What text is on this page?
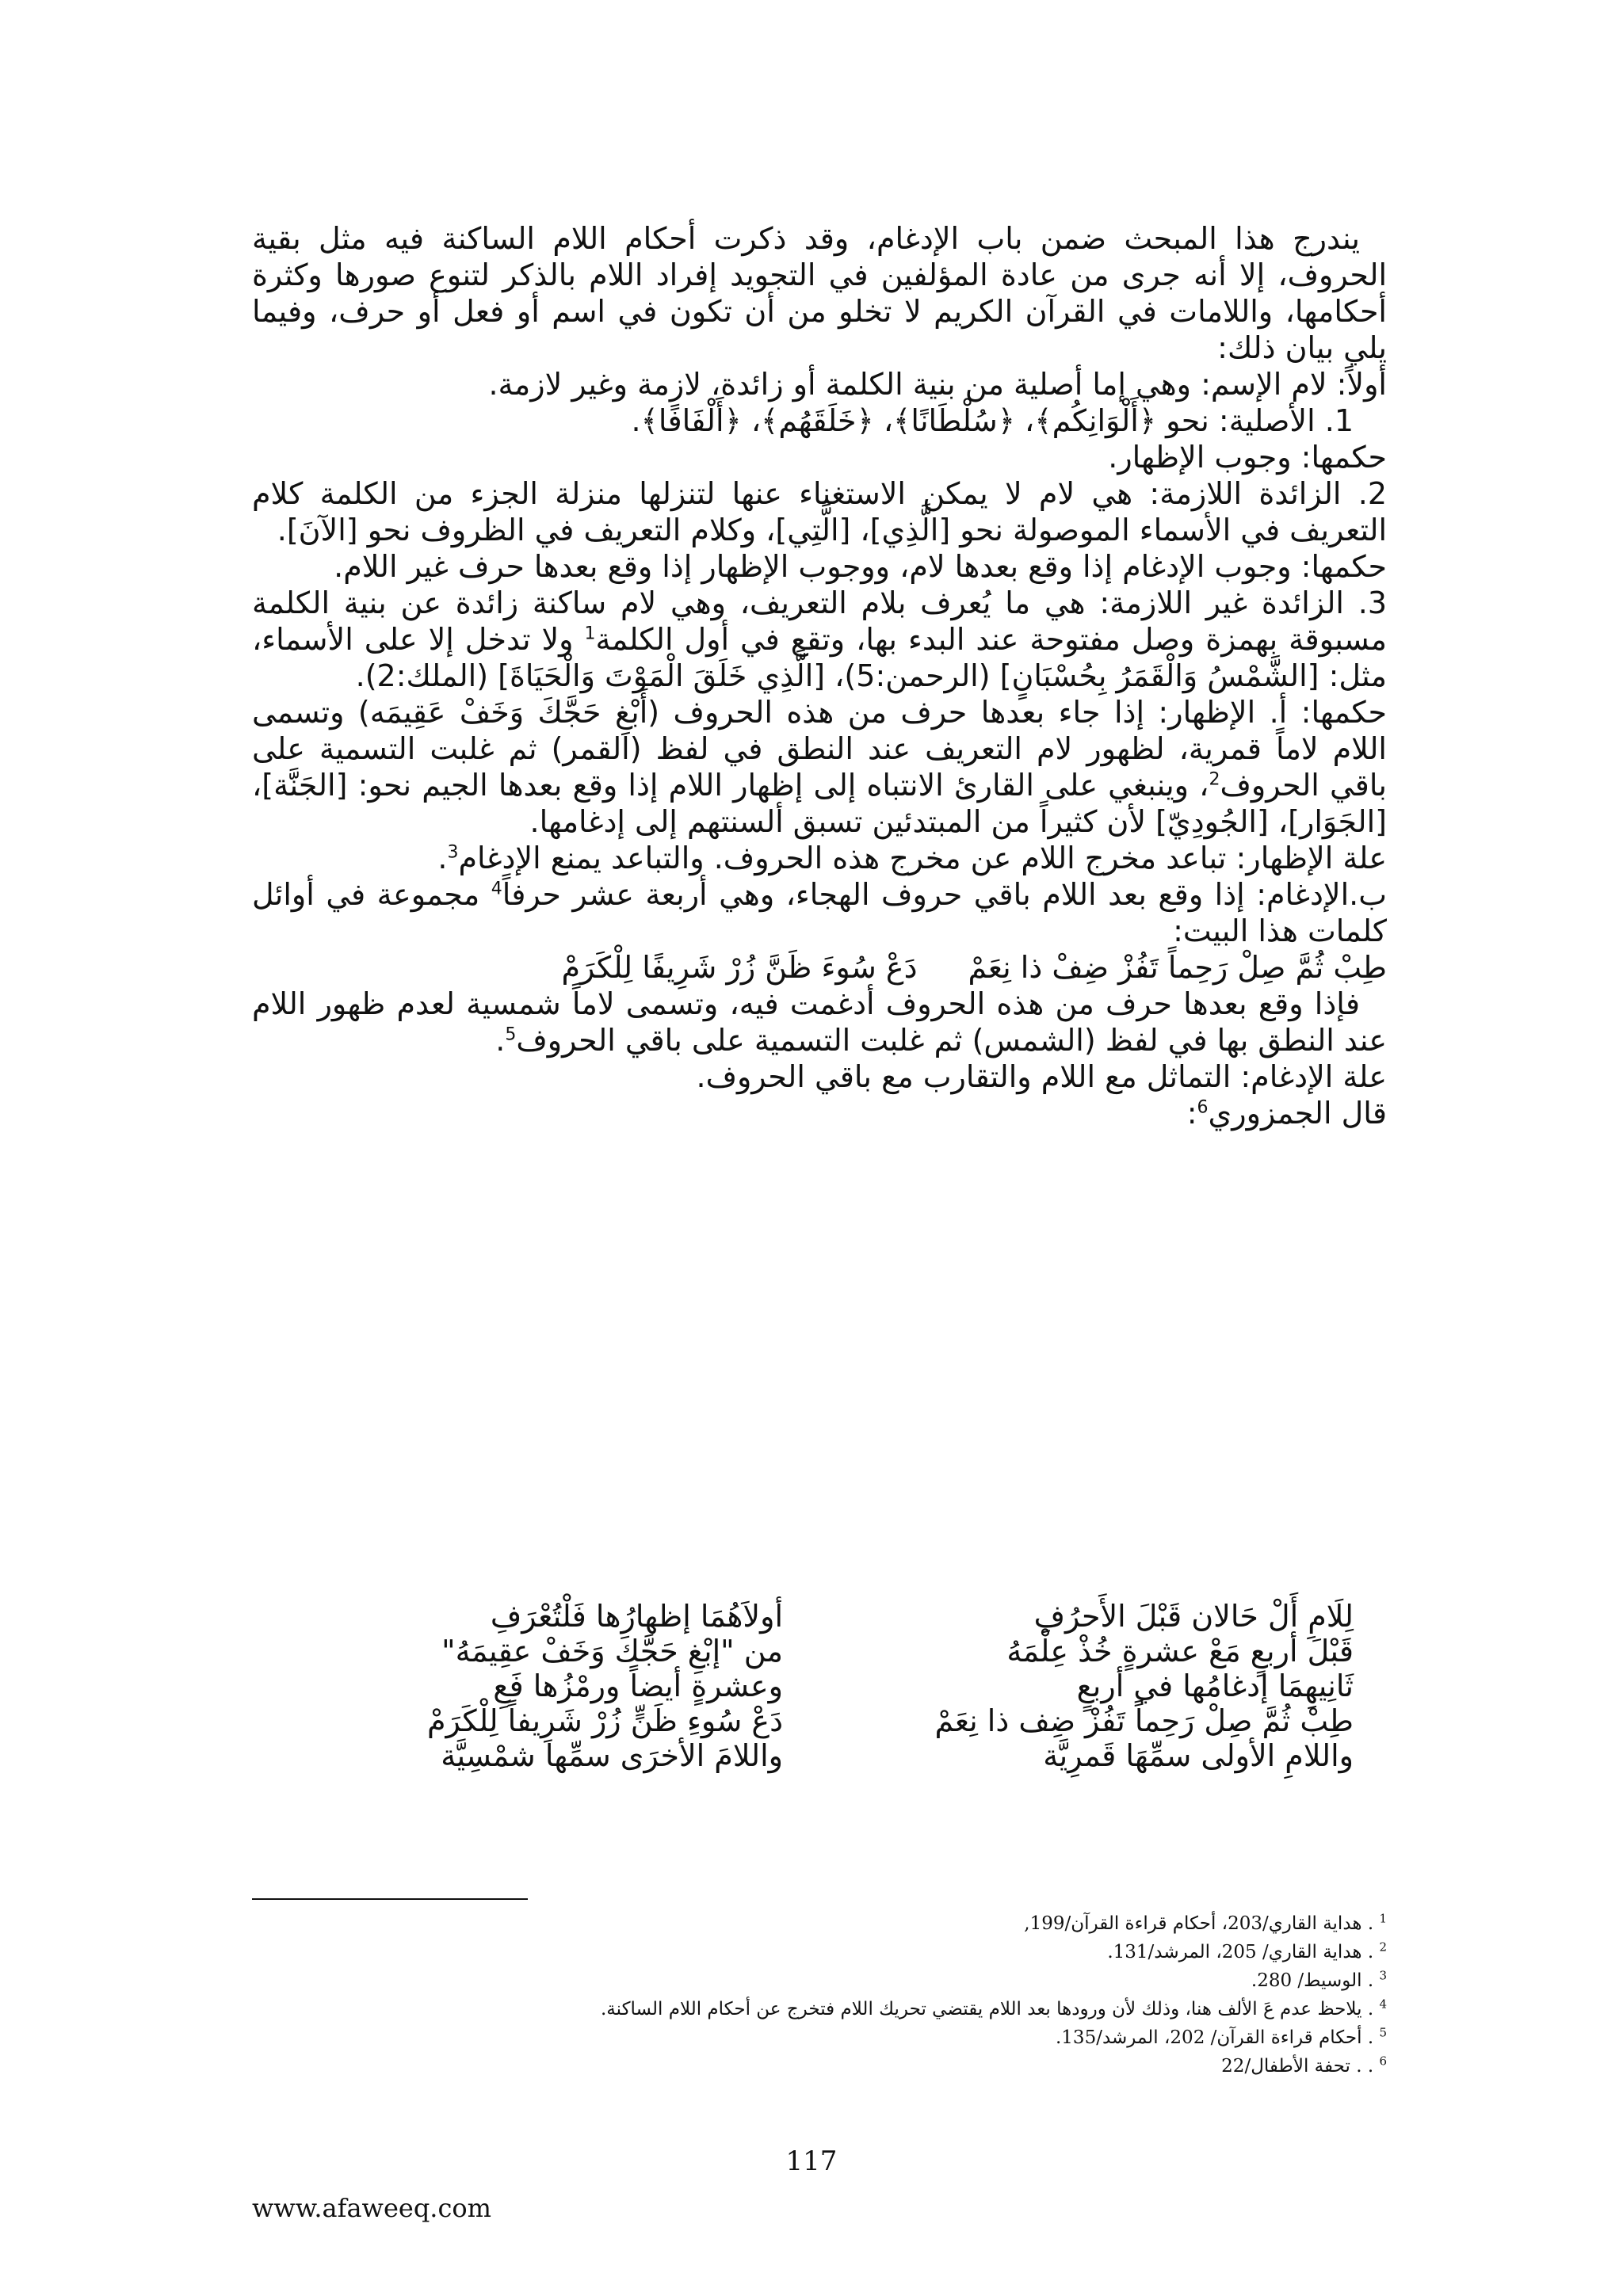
يندرج هذا المبحث ضمن باب الإدغام، وقد ذكرت أحكام اللام الساكنة فيه مثل بقية الحروف، إلا أنه جرى من عادة المؤلفين في التجويد إفراد اللام بالذكر لتنوع صورها وكثرة أحكامها، واللامات في القرآن الكريم لا تخلو من أن تكون في اسم أو فعل أو حرف، وفيما يلي بيان ذلك:

أولاً: لام الإسم: وهي إما أصلية من بنية الكلمة أو زائدة، لازمة وغير لازمة.

1. الأصلية: نحو ﴿أَلْوَانِكُم﴾، ﴿سُلْطَانًا﴾، ﴿خَلَقَهُم﴾، ﴿أَلْفَافًا﴾.

حكمها: وجوب الإظهار.

2. الزائدة اللازمة: هي لام لا يمكن الاستغناء عنها لتنزلها منزلة الجزء من الكلمة كلام التعريف في الأسماء الموصولة نحو [الَّذِي]، [الَّتِي]، وكلام التعريف في الظروف نحو [الآنَ].

حكمها: وجوب الإدغام إذا وقع بعدها لام، ووجوب الإظهار إذا وقع بعدها حرف غير اللام.

3. الزائدة غير اللازمة: هي ما يُعرف بلام التعريف، وهي لام ساكنة زائدة عن بنية الكلمة مسبوقة بهمزة وصل مفتوحة عند البدء بها، وتقع في أول الكلمة$^1$ ولا تدخل إلا على الأسماء، مثل: [الشَّمْسُ وَالْقَمَرُ بِحُسْبَانٍ] (الرحمن:5)، [الَّذِي خَلَقَ الْمَوْتَ وَالْحَيَاةَ] (الملك:2).

حكمها: أ. الإظهار: إذا جاء بعدها حرف من هذه الحروف (أَبْغِ حَجَّكَ وَخَفْ عَقِيمَه) وتسمى اللام لاماً قمرية، لظهور لام التعريف عند النطق في لفظ (القمر) ثم غلبت التسمية على باقي الحروف$^2$، وينبغي على القارئ الانتباه إلى إظهار اللام إذا وقع بعدها الجيم نحو: [الجَنَّة]، [الجَوَار]، [الجُودِيّ] لأن كثيراً من المبتدئين تسبق ألسنتهم إلى إدغامها.

علة الإظهار: تباعد مخرج اللام عن مخرج هذه الحروف. والتباعد يمنع الإدغام$^3$.

ب.الإدغام: إذا وقع بعد اللام باقي حروف الهجاء، وهي أربعة عشر حرفاً$^4$ مجموعة في أوائل كلمات هذا البيت:

طِبْ ثُمَّ صِلْ رَحِماً تَفُزْ ضِفْ ذا نِعَمْ
دَعْ سُوءَ ظَنَّ زُرْ شَرِيفًا لِلْكَرَمْ

فإذا وقع بعدها حرف من هذه الحروف أدغمت فيه، وتسمى لاماً شمسية لعدم ظهور اللام عند النطق بها في لفظ (الشمس) ثم غلبت التسمية على باقي الحروف$^5$.

علة الإدغام: التماثل مع اللام والتقارب مع باقي الحروف.

قال الجمزوري$^6$:

لِلَامِ أَلْ حَالان قَبْلَ الأَحرُفِ
قَبْلَ أربعٍ مَعْ عشرةٍ خُذْ عِلْمَهُ
ثَانِيهِمَا إدغامُها في أربعٍ
طِبْ ثُمَّ صِلْ رَحِماً تَفُزْ ضِف ذا نِعَمْ
واللامِ الأولى سمِّهَا قَمرِيَّة
أولاَهُمَا إظهارُها فَلْتُعْرَفِ
من "إبْغِ حَجَّكَ وَخَفْ عقِيمَهُ"
وعشرةٍ أيضاً ورمْزُها فَعِ
دَعْ سُوءِ ظَنٍّ زُرْ شَرِيفاً لِلْكَرَمْ
واللامَ الأخرَى سمِّها شمْسِيَّة

$^1$ . هداية القاري/203، أحكام قراءة القرآن/199,

$^2$ . هداية القاري/ 205، المرشد/131.

$^3$ . الوسيط/ 280.

$^4$ . يلاحظ عدم عَ الألف هنا، وذلك لأن ورودها بعد اللام يقتضي تحريك اللام فتخرج عن أحكام اللام الساكنة.

$^5$ . أحكام قراءة القرآن/ 202، المرشد/135.

$^6$ . . تحفة الأطفال/22

117
www.afaweeq.com
